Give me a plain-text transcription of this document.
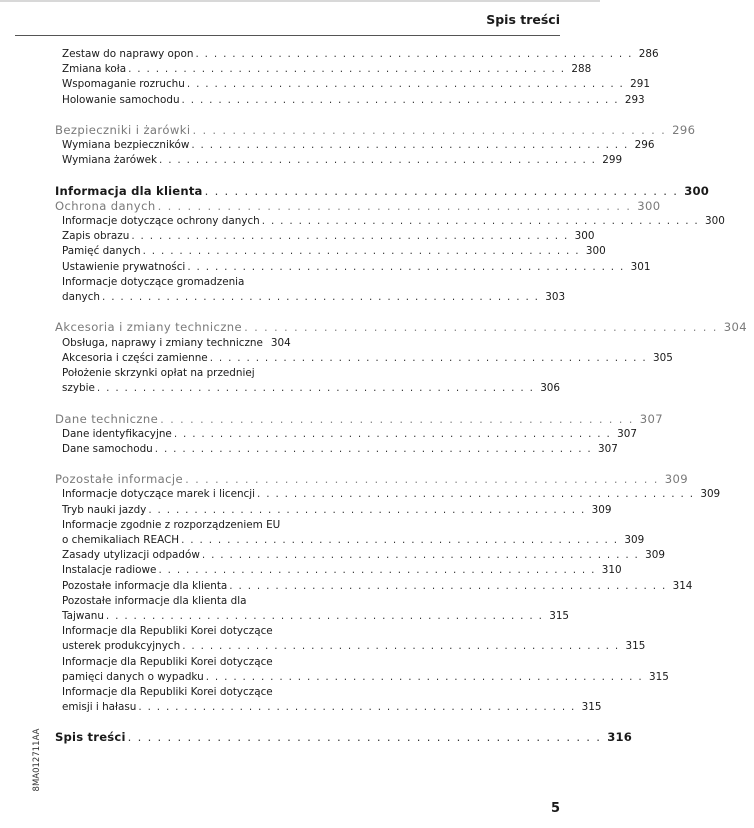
Spis treści
Zestaw do naprawy opon . . . . . . . . . . . . . . . . . . . . . . . . . . . . . . . . . . . . . . . . . . . . . . . . 286
Zmiana koła . . . . . . . . . . . . . . . . . . . . . . . . . . . . . . . . . . . . . . . . . . . . . . . . 288
Wspomaganie rozruchu . . . . . . . . . . . . . . . . . . . . . . . . . . . . . . . . . . . . . . . . . . . . . . . . 291
Holowanie samochodu . . . . . . . . . . . . . . . . . . . . . . . . . . . . . . . . . . . . . . . . . . . . . . . . 293
Bezpieczniki i żarówki . . . . . . . . . . . . . . . . . . . . . . . . . . . . . . . . . . . . . . . . . . . . . . . . 296
Wymiana bezpieczników . . . . . . . . . . . . . . . . . . . . . . . . . . . . . . . . . . . . . . . . . . . . . . . . 296
Wymiana żarówek . . . . . . . . . . . . . . . . . . . . . . . . . . . . . . . . . . . . . . . . . . . . . . . . 299
Informacja dla klienta . . . . . . . . . . . . . . . . . . . . . . . . . . . . . . . . . . . . . . . . . . . . . . . . 300
Ochrona danych . . . . . . . . . . . . . . . . . . . . . . . . . . . . . . . . . . . . . . . . . . . . . . . . 300
Informacje dotyczące ochrony danych . . . . . . . . . . . . . . . . . . . . . . . . . . . . . . . . . . . . . . . . . . . . . . . . 300
Zapis obrazu . . . . . . . . . . . . . . . . . . . . . . . . . . . . . . . . . . . . . . . . . . . . . . . . 300
Pamięć danych . . . . . . . . . . . . . . . . . . . . . . . . . . . . . . . . . . . . . . . . . . . . . . . . 300
Ustawienie prywatności . . . . . . . . . . . . . . . . . . . . . . . . . . . . . . . . . . . . . . . . . . . . . . . . 301
Informacje dotyczące gromadzenia
danych . . . . . . . . . . . . . . . . . . . . . . . . . . . . . . . . . . . . . . . . . . . . . . . . 303
Akcesoria i zmiany techniczne . . . . . . . . . . . . . . . . . . . . . . . . . . . . . . . . . . . . . . . . . . . . . . . . 304
Obsługa, naprawy i zmiany techniczne 304
Akcesoria i części zamienne . . . . . . . . . . . . . . . . . . . . . . . . . . . . . . . . . . . . . . . . . . . . . . . . 305
Położenie skrzynki opłat na przedniej
szybie . . . . . . . . . . . . . . . . . . . . . . . . . . . . . . . . . . . . . . . . . . . . . . . . 306
Dane techniczne . . . . . . . . . . . . . . . . . . . . . . . . . . . . . . . . . . . . . . . . . . . . . . . . 307
Dane identyfikacyjne . . . . . . . . . . . . . . . . . . . . . . . . . . . . . . . . . . . . . . . . . . . . . . . . 307
Dane samochodu . . . . . . . . . . . . . . . . . . . . . . . . . . . . . . . . . . . . . . . . . . . . . . . . 307
Pozostałe informacje . . . . . . . . . . . . . . . . . . . . . . . . . . . . . . . . . . . . . . . . . . . . . . . . 309
Informacje dotyczące marek i licencji . . . . . . . . . . . . . . . . . . . . . . . . . . . . . . . . . . . . . . . . . . . . . . . . 309
Tryb nauki jazdy . . . . . . . . . . . . . . . . . . . . . . . . . . . . . . . . . . . . . . . . . . . . . . . . 309
Informacje zgodnie z rozporządzeniem EU
o chemikaliach REACH . . . . . . . . . . . . . . . . . . . . . . . . . . . . . . . . . . . . . . . . . . . . . . . . 309
Zasady utylizacji odpadów . . . . . . . . . . . . . . . . . . . . . . . . . . . . . . . . . . . . . . . . . . . . . . . . 309
Instalacje radiowe . . . . . . . . . . . . . . . . . . . . . . . . . . . . . . . . . . . . . . . . . . . . . . . . 310
Pozostałe informacje dla klienta . . . . . . . . . . . . . . . . . . . . . . . . . . . . . . . . . . . . . . . . . . . . . . . . 314
Pozostałe informacje dla klienta dla
Tajwanu . . . . . . . . . . . . . . . . . . . . . . . . . . . . . . . . . . . . . . . . . . . . . . . . 315
Informacje dla Republiki Korei dotyczące
usterek produkcyjnych . . . . . . . . . . . . . . . . . . . . . . . . . . . . . . . . . . . . . . . . . . . . . . . . 315
Informacje dla Republiki Korei dotyczące
pamięci danych o wypadku . . . . . . . . . . . . . . . . . . . . . . . . . . . . . . . . . . . . . . . . . . . . . . . . 315
Informacje dla Republiki Korei dotyczące
emisji i hałasu . . . . . . . . . . . . . . . . . . . . . . . . . . . . . . . . . . . . . . . . . . . . . . . . 315
Spis treści . . . . . . . . . . . . . . . . . . . . . . . . . . . . . . . . . . . . . . . . . . . . . . . . 316
8MA012711AA
5
